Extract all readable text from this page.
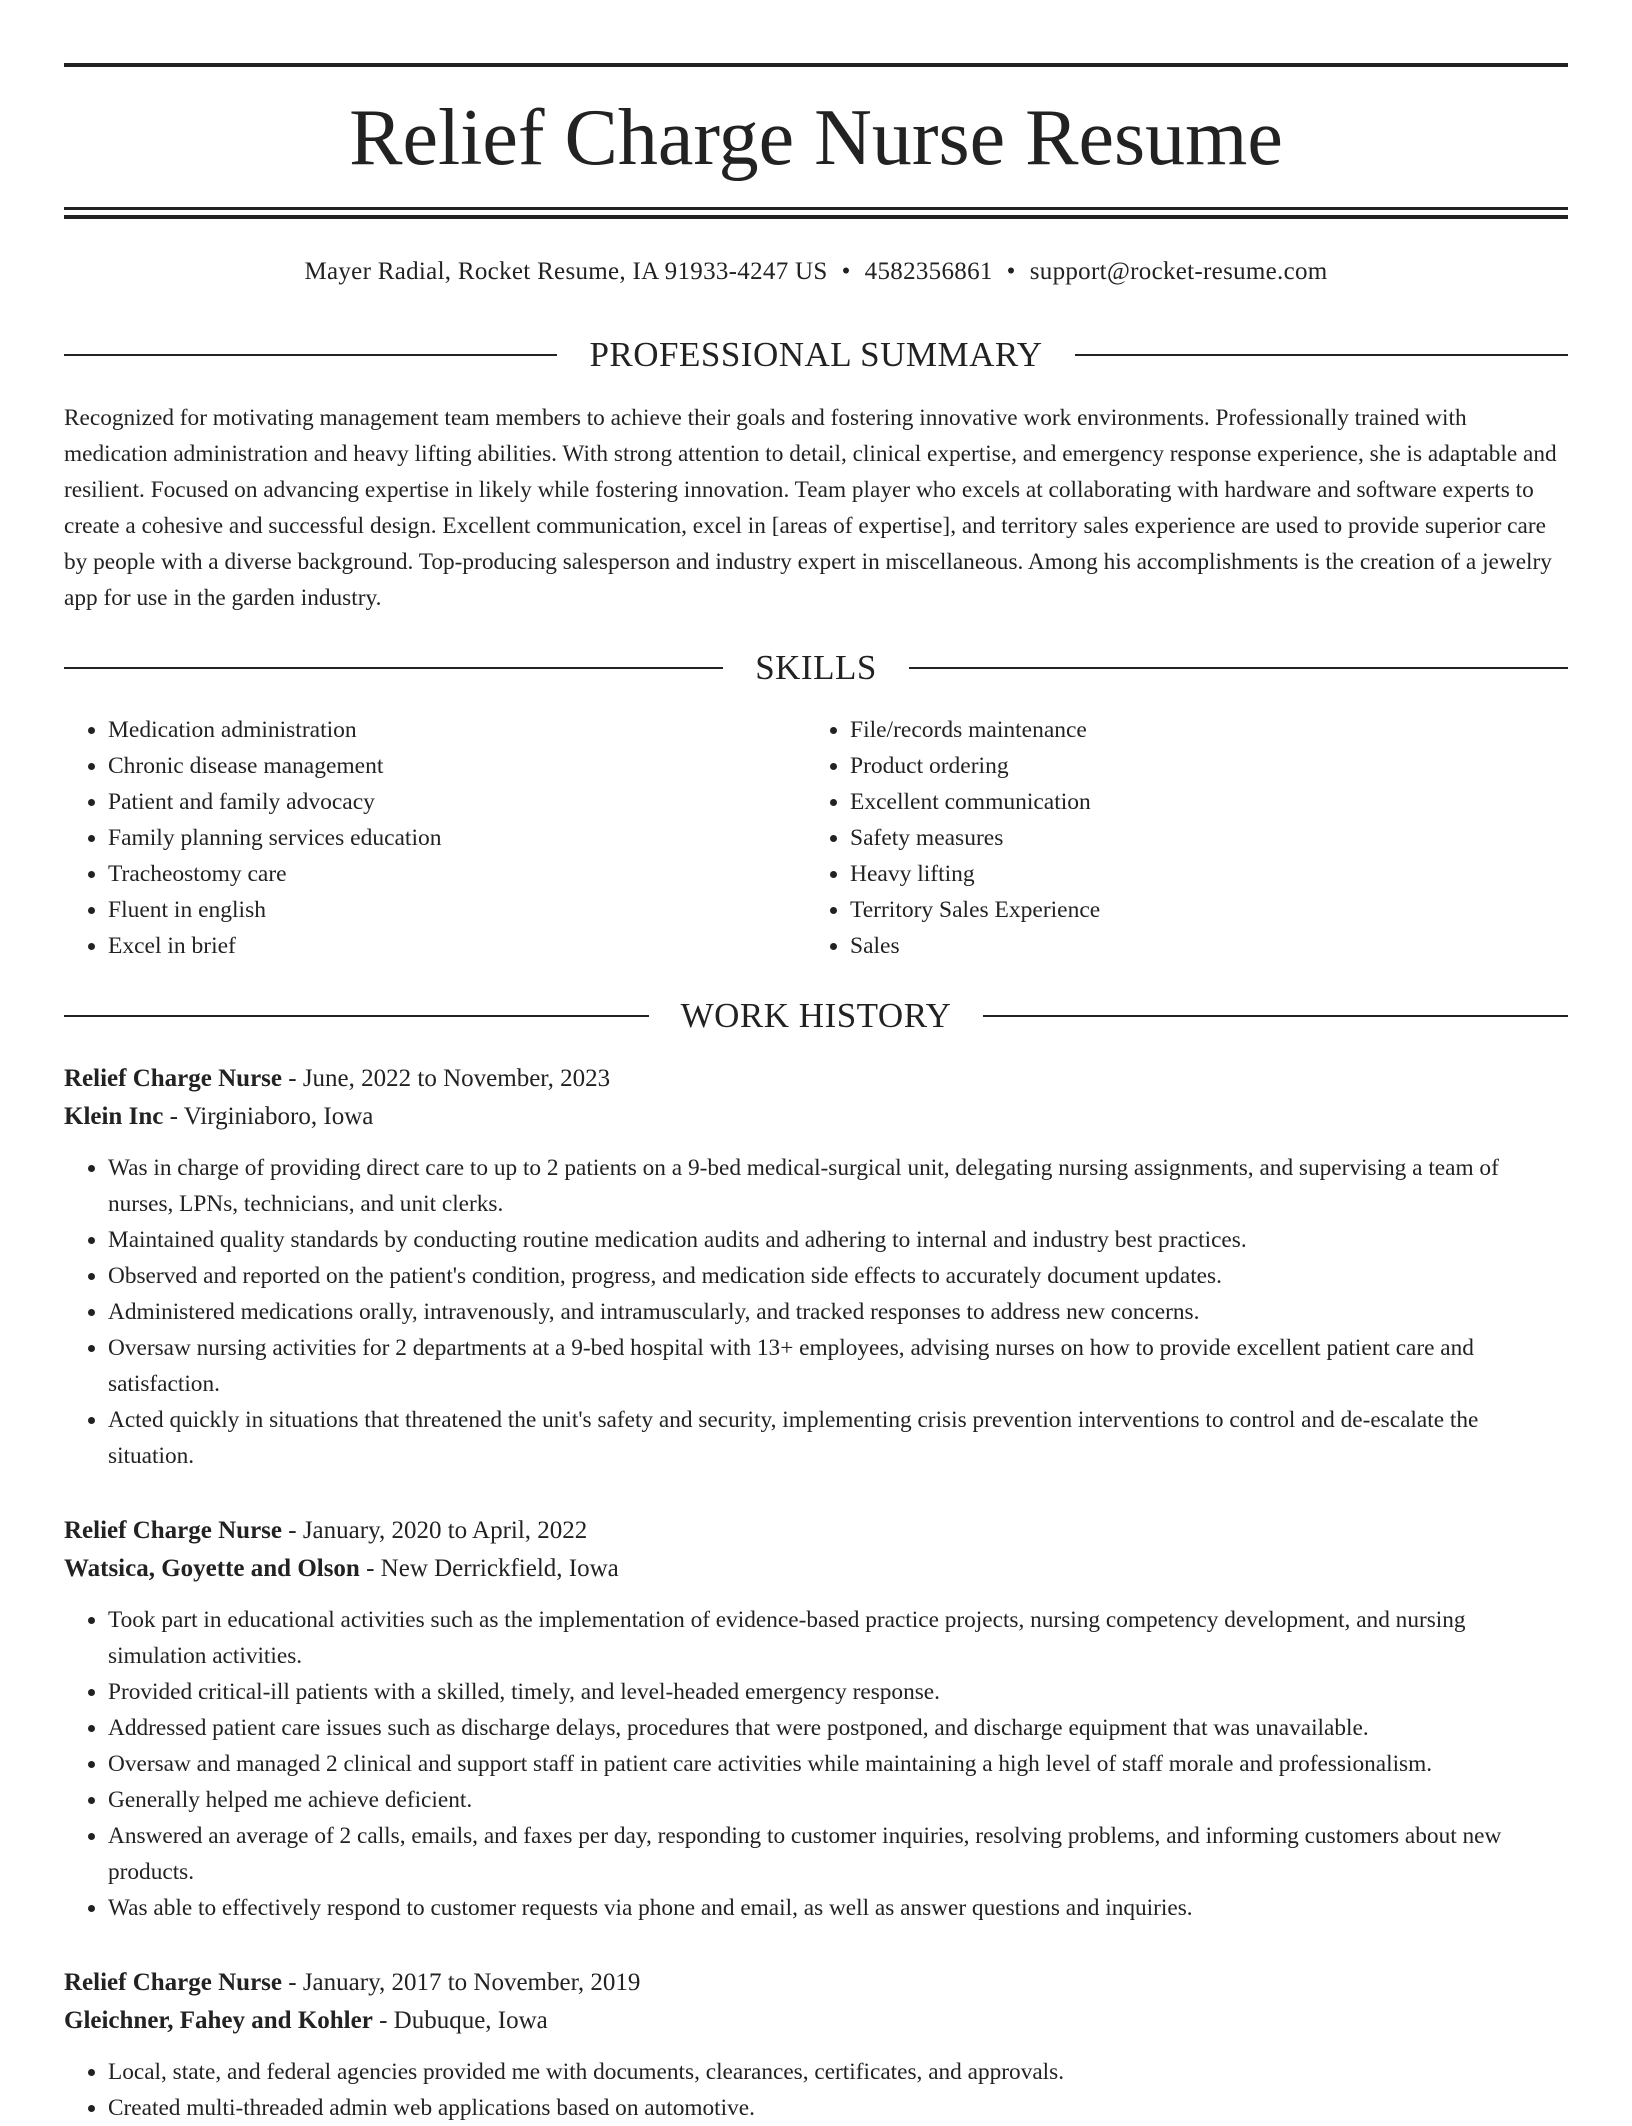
Relief Charge Nurse Resume
Mayer Radial, Rocket Resume, IA 91933-4247 US • 4582356861 • support@rocket-resume.com
PROFESSIONAL SUMMARY

Recognized for motivating management team members to achieve their goals and fostering innovative work environments. Professionally trained with medication administration and heavy lifting abilities. With strong attention to detail, clinical expertise, and emergency response experience, she is adaptable and resilient. Focused on advancing expertise in likely while fostering innovation. Team player who excels at collaborating with hardware and software experts to create a cohesive and successful design. Excellent communication, excel in [areas of expertise], and territory sales experience are used to provide superior care by people with a diverse background. Top-producing salesperson and industry expert in miscellaneous. Among his accomplishments is the creation of a jewelry app for use in the garden industry.

SKILLS
• Medication administration
• Chronic disease management
• Patient and family advocacy
• Family planning services education
• Tracheostomy care
• Fluent in english
• Excel in brief
• File/records maintenance
• Product ordering
• Excellent communication
• Safety measures
• Heavy lifting
• Territory Sales Experience
• Sales
WORK HISTORY
Relief Charge Nurse - June, 2022 to November, 2023
Klein Inc - Virginiaboro, Iowa
• Was in charge of providing direct care to up to 2 patients on a 9-bed medical-surgical unit, delegating nursing assignments, and supervising a team of nurses, LPNs, technicians, and unit clerks.
• Maintained quality standards by conducting routine medication audits and adhering to internal and industry best practices.
• Observed and reported on the patient's condition, progress, and medication side effects to accurately document updates.
• Administered medications orally, intravenously, and intramuscularly, and tracked responses to address new concerns.
• Oversaw nursing activities for 2 departments at a 9-bed hospital with 13+ employees, advising nurses on how to provide excellent patient care and satisfaction.
• Acted quickly in situations that threatened the unit's safety and security, implementing crisis prevention interventions to control and de-escalate the situation.
Relief Charge Nurse - January, 2020 to April, 2022
Watsica, Goyette and Olson - New Derrickfield, Iowa
• Took part in educational activities such as the implementation of evidence-based practice projects, nursing competency development, and nursing simulation activities.
• Provided critical-ill patients with a skilled, timely, and level-headed emergency response.
• Addressed patient care issues such as discharge delays, procedures that were postponed, and discharge equipment that was unavailable.
• Oversaw and managed 2 clinical and support staff in patient care activities while maintaining a high level of staff morale and professionalism.
• Generally helped me achieve deficient.
• Answered an average of 2 calls, emails, and faxes per day, responding to customer inquiries, resolving problems, and informing customers about new products.
• Was able to effectively respond to customer requests via phone and email, as well as answer questions and inquiries.
Relief Charge Nurse - January, 2017 to November, 2019
Gleichner, Fahey and Kohler - Dubuque, Iowa
• Local, state, and federal agencies provided me with documents, clearances, certificates, and approvals.
• Created multi-threaded admin web applications based on automotive.
